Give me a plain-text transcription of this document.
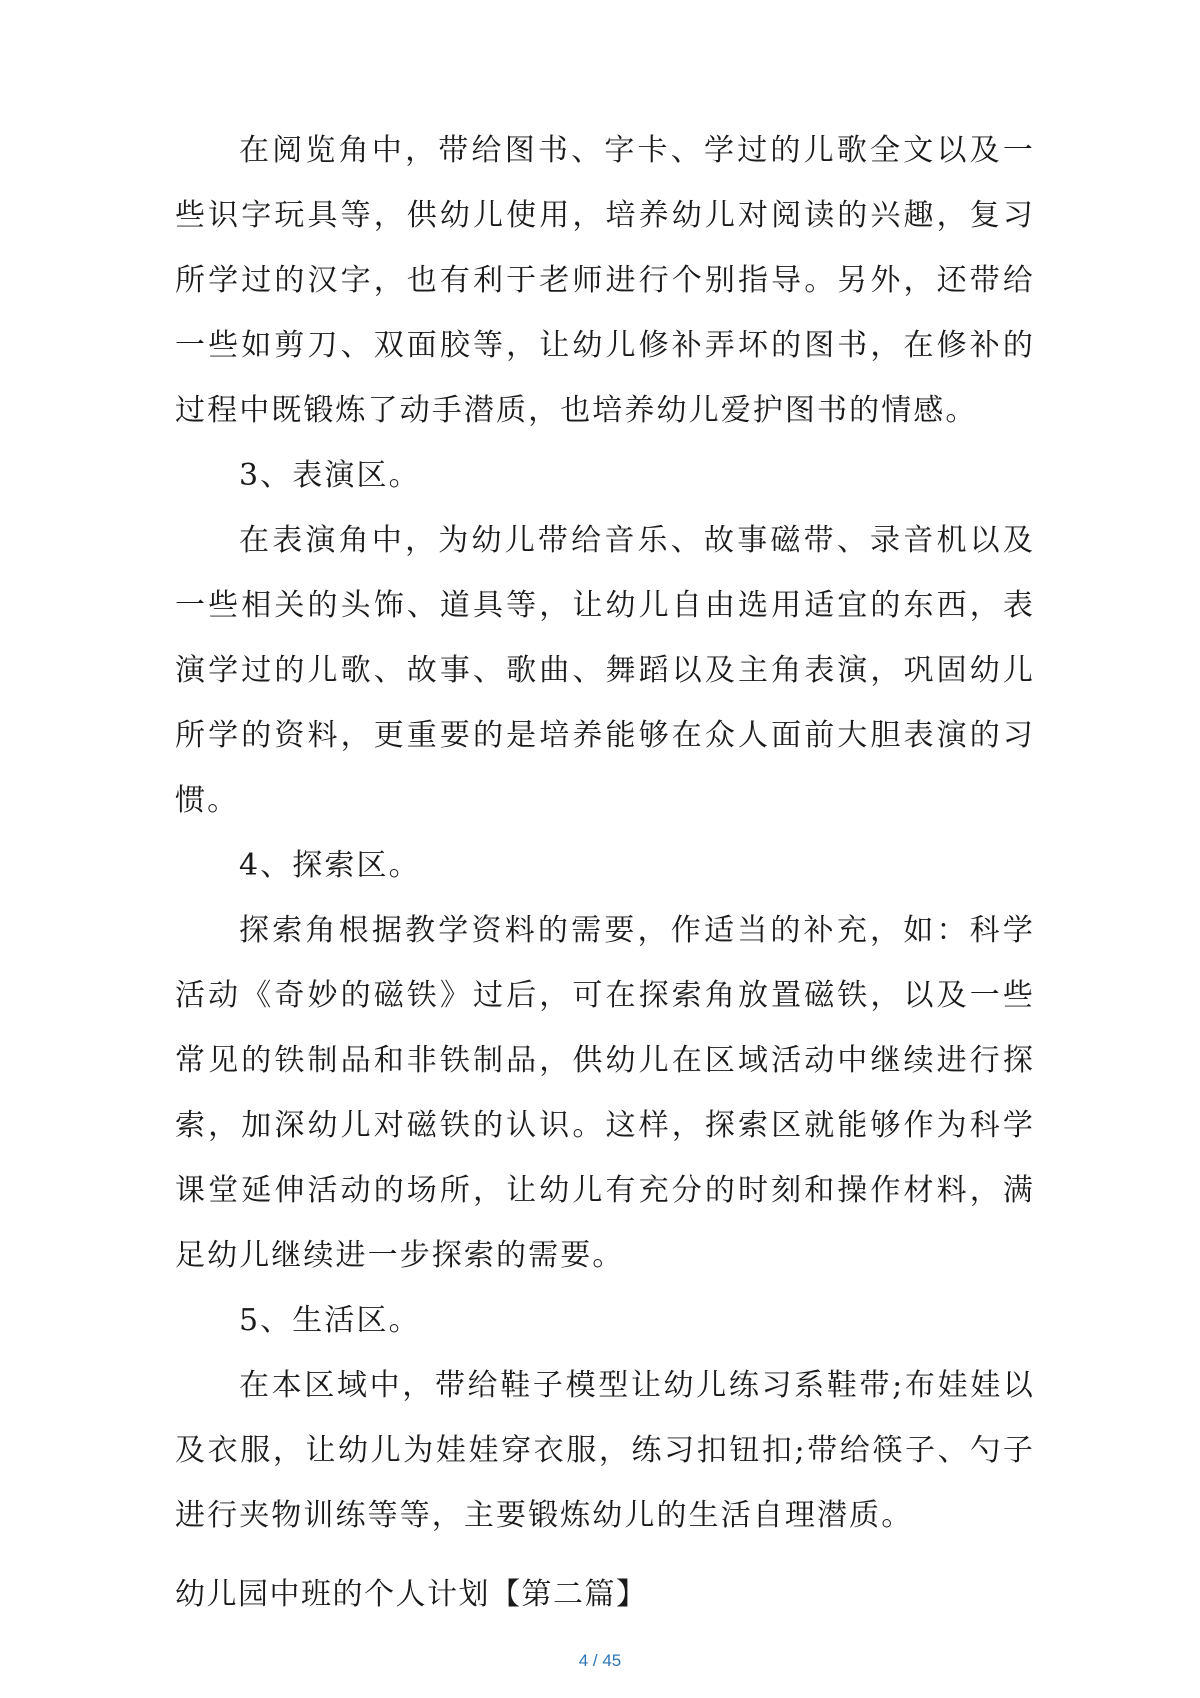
在阅览角中，带给图书、字卡、学过的儿歌全文以及一些识字玩具等，供幼儿使用，培养幼儿对阅读的兴趣，复习所学过的汉字，也有利于老师进行个别指导。另外，还带给一些如剪刀、双面胶等，让幼儿修补弄坏的图书，在修补的过程中既锻炼了动手潜质，也培养幼儿爱护图书的情感。

3、表演区。

在表演角中，为幼儿带给音乐、故事磁带、录音机以及一些相关的头饰、道具等，让幼儿自由选用适宜的东西，表演学过的儿歌、故事、歌曲、舞蹈以及主角表演，巩固幼儿所学的资料，更重要的是培养能够在众人面前大胆表演的习惯。

4、探索区。

探索角根据教学资料的需要，作适当的补充，如：科学活动《奇妙的磁铁》过后，可在探索角放置磁铁，以及一些常见的铁制品和非铁制品，供幼儿在区域活动中继续进行探索，加深幼儿对磁铁的认识。这样，探索区就能够作为科学课堂延伸活动的场所，让幼儿有充分的时刻和操作材料，满足幼儿继续进一步探索的需要。

5、生活区。

在本区域中，带给鞋子模型让幼儿练习系鞋带;布娃娃以及衣服，让幼儿为娃娃穿衣服，练习扣钮扣;带给筷子、勺子进行夹物训练等等，主要锻炼幼儿的生活自理潜质。

幼儿园中班的个人计划【第二篇】

4 / 45
